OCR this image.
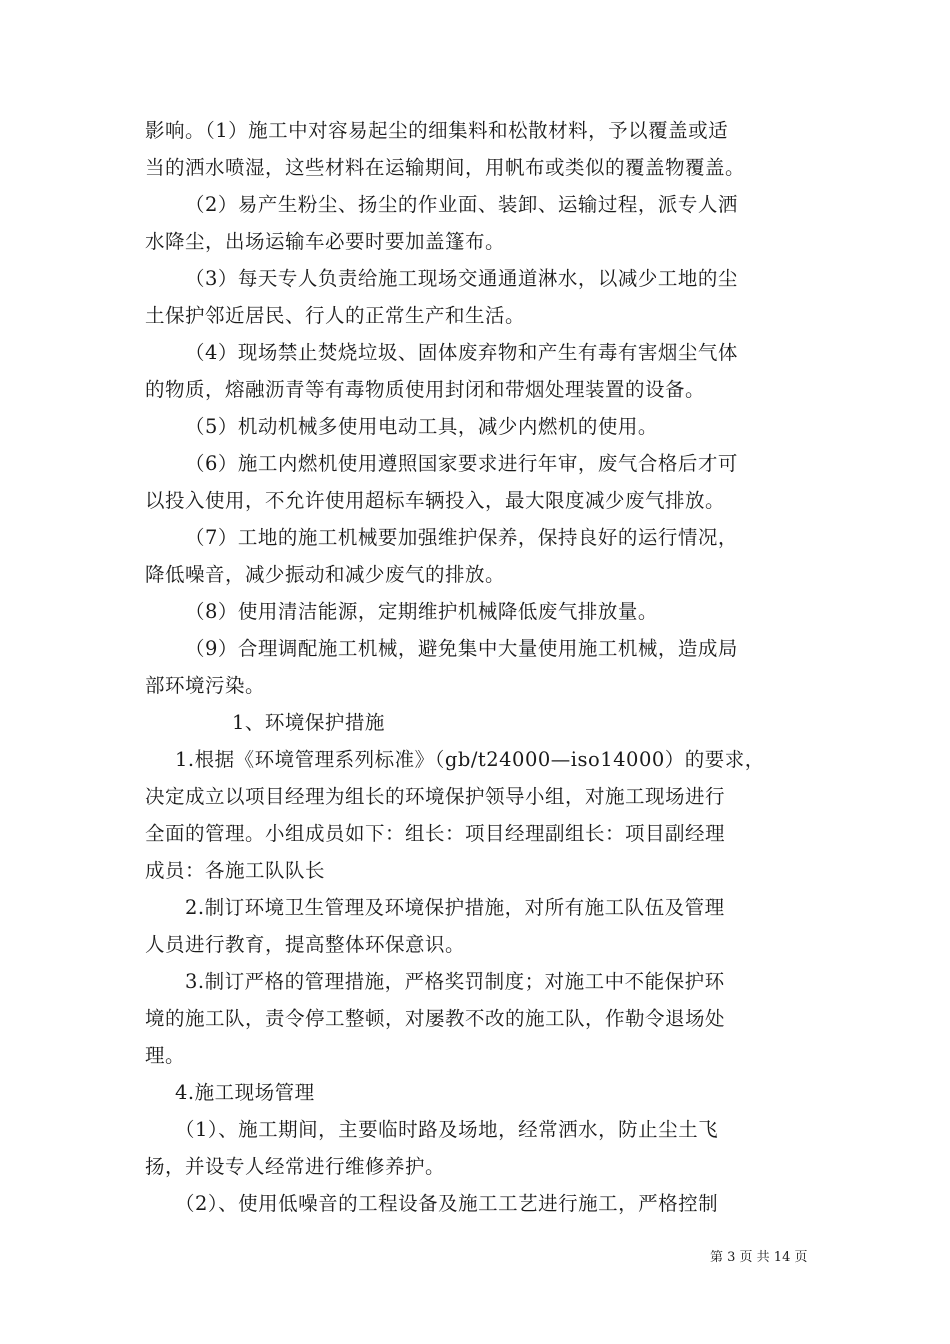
影响。（1）施工中对容易起尘的细集料和松散材料，予以覆盖或适
当的洒水喷湿，这些材料在运输期间，用帆布或类似的覆盖物覆盖。
（2）易产生粉尘、扬尘的作业面、装卸、运输过程，派专人洒
水降尘，出场运输车必要时要加盖篷布。
（3）每天专人负责给施工现场交通通道淋水，以减少工地的尘
土保护邻近居民、行人的正常生产和生活。
（4）现场禁止焚烧垃圾、固体废弃物和产生有毒有害烟尘气体
的物质，熔融沥青等有毒物质使用封闭和带烟处理装置的设备。
（5）机动机械多使用电动工具，减少内燃机的使用。
（6）施工内燃机使用遵照国家要求进行年审，废气合格后才可
以投入使用，不允许使用超标车辆投入，最大限度减少废气排放。
（7）工地的施工机械要加强维护保养，保持良好的运行情况，
降低噪音，减少振动和减少废气的排放。
（8）使用清洁能源，定期维护机械降低废气排放量。
（9）合理调配施工机械，避免集中大量使用施工机械，造成局
部环境污染。
1、环境保护措施
1.根据《环境管理系列标准》（gb/t24000—iso14000）的要求，
决定成立以项目经理为组长的环境保护领导小组，对施工现场进行
全面的管理。小组成员如下：组长：项目经理副组长：项目副经理
成员：各施工队队长
2.制订环境卫生管理及环境保护措施，对所有施工队伍及管理
人员进行教育，提高整体环保意识。
3.制订严格的管理措施，严格奖罚制度；对施工中不能保护环
境的施工队，责令停工整顿，对屡教不改的施工队，作勒令退场处
理。
4.施工现场管理
（1）、施工期间，主要临时路及场地，经常洒水，防止尘土飞
扬，并设专人经常进行维修养护。
（2）、使用低噪音的工程设备及施工工艺进行施工，严格控制
第 3 页 共 14 页
